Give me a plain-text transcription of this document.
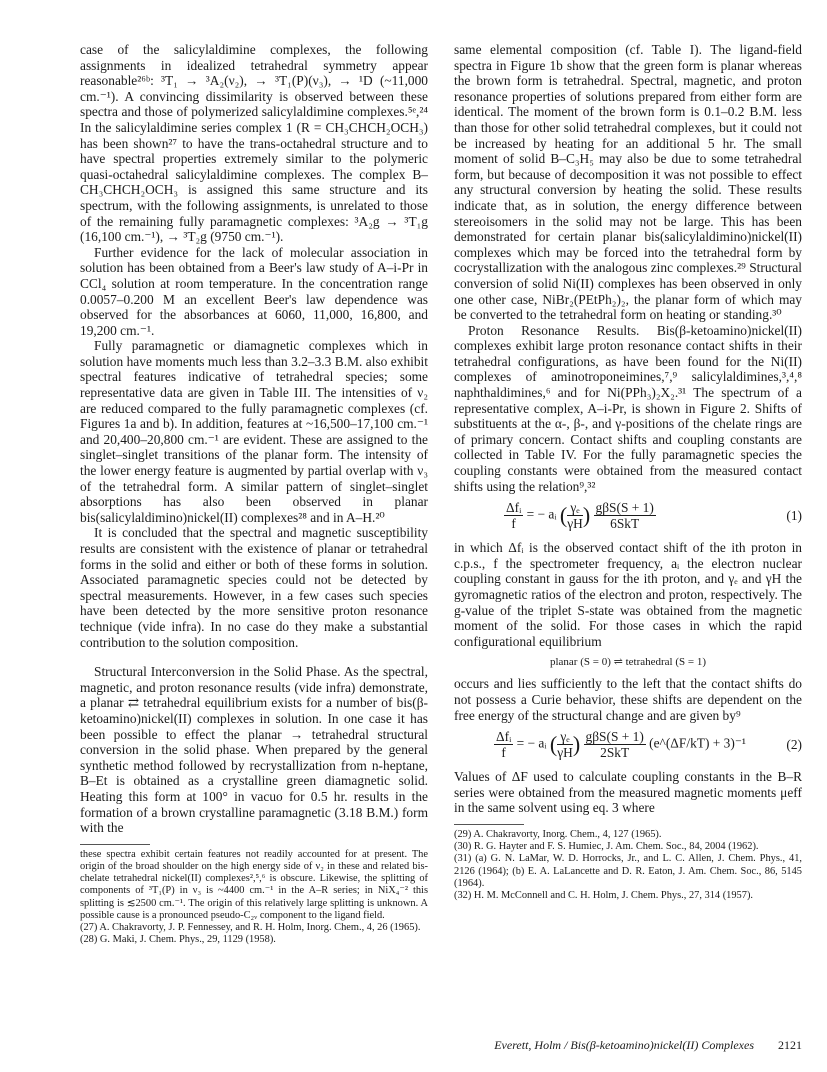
case of the salicylaldimine complexes, the following assignments in idealized tetrahedral symmetry appear reasonable²⁶ᵇ: ³T₁ → ³A₂(ν₂), → ³T₁(P)(ν₃), → ¹D (~11,000 cm.⁻¹). A convincing dissimilarity is observed between these spectra and those of polymerized salicylaldimine complexes.⁵ᵉ,²⁴ In the salicylaldimine series complex 1 (R = CH₃CHCH₂OCH₃) has been shown²⁷ to have the trans-octahedral structure and to have spectral properties extremely similar to the polymeric quasi-octahedral salicylaldimine complexes. The complex B–CH₃CHCH₂OCH₃ is assigned this same structure and its spectrum, with the following assignments, is unrelated to those of the remaining fully paramagnetic complexes: ³A₂g → ³T₁g (16,100 cm.⁻¹), → ³T₂g (9750 cm.⁻¹).

Further evidence for the lack of molecular association in solution has been obtained from a Beer's law study of A–i-Pr in CCl₄ solution at room temperature. In the concentration range 0.0057–0.200 M an excellent Beer's law dependence was observed for the absorbances at 6060, 11,000, 16,800, and 19,200 cm.⁻¹.

Fully paramagnetic or diamagnetic complexes which in solution have moments much less than 3.2–3.3 B.M. also exhibit spectral features indicative of tetrahedral species; some representative data are given in Table III. The intensities of ν₂ are reduced compared to the fully paramagnetic complexes (cf. Figures 1a and b). In addition, features at ~16,500–17,100 cm.⁻¹ and 20,400–20,800 cm.⁻¹ are evident. These are assigned to the singlet–singlet transitions of the planar form. The intensity of the lower energy feature is augmented by partial overlap with ν₃ of the tetrahedral form. A similar pattern of singlet–singlet absorptions has also been observed in planar bis(salicylaldimino)nickel(II) complexes²⁸ and in A–H.²⁰

It is concluded that the spectral and magnetic susceptibility results are consistent with the existence of planar or tetrahedral forms in the solid and either or both of these forms in solution. Associated paramagnetic species could not be detected by spectral measurements. However, in a few cases such species have been detected by the more sensitive proton resonance technique (vide infra). In no case do they make a substantial contribution to the solution composition.

Structural Interconversion in the Solid Phase. As the spectral, magnetic, and proton resonance results (vide infra) demonstrate, a planar ⇄ tetrahedral equilibrium exists for a number of bis(β-ketoamino)nickel(II) complexes in solution. In one case it has been possible to effect the planar → tetrahedral structural conversion in the solid phase. When prepared by the general synthetic method followed by recrystallization from n-heptane, B–Et is obtained as a crystalline green diamagnetic solid. Heating this form at 100° in vacuo for 0.5 hr. results in the formation of a brown crystalline paramagnetic (3.18 B.M.) form with the

these spectra exhibit certain features not readily accounted for at present. The origin of the broad shoulder on the high energy side of ν₂ in these and related bis-chelate tetrahedral nickel(II) complexes²,⁵,⁶ is obscure. Likewise, the splitting of components of ³T₁(P) in ν₃ is ~4400 cm.⁻¹ in the A–R series; in NiX₄⁻² this splitting is ≲2500 cm.⁻¹. The origin of this relatively large splitting is unknown. A possible cause is a pronounced pseudo-C₂ᵥ component to the ligand field.

(27) A. Chakravorty, J. P. Fennessey, and R. H. Holm, Inorg. Chem., 4, 26 (1965).

(28) G. Maki, J. Chem. Phys., 29, 1129 (1958).

same elemental composition (cf. Table I). The ligand-field spectra in Figure 1b show that the green form is planar whereas the brown form is tetrahedral. Spectral, magnetic, and proton resonance properties of solutions prepared from either form are identical. The moment of the brown form is 0.1–0.2 B.M. less than those for other solid tetrahedral complexes, but it could not be increased by heating for an additional 5 hr. The small moment of solid B–C₃H₅ may also be due to some tetrahedral form, but because of decomposition it was not possible to effect any structural conversion by heating the solid. These results indicate that, as in solution, the energy difference between stereoisomers in the solid may not be large. This has been demonstrated for certain planar bis(salicylaldimino)nickel(II) complexes which may be forced into the tetrahedral form by cocrystallization with the analogous zinc complexes.²⁹ Structural conversion of solid Ni(II) complexes has been observed in only one other case, NiBr₂(PEtPh₂)₂, the planar form of which may be converted to the tetrahedral form on heating or standing.³⁰

Proton Resonance Results. Bis(β-ketoamino)nickel(II) complexes exhibit large proton resonance contact shifts in their tetrahedral configurations, as have been found for the Ni(II) complexes of aminotroponeimines,⁷,⁹ salicylaldimines,³,⁴,⁸ naphthaldimines,⁶ and for Ni(PPh₃)₂X₂.³¹ The spectrum of a representative complex, A–i-Pr, is shown in Figure 2. Shifts of substituents at the α-, β-, and γ-positions of the chelate rings are of primary concern. Contact shifts and coupling constants are collected in Table IV. For the fully paramagnetic species the coupling constants were obtained from the measured contact shifts using the relation⁹,³²

$\frac{\text{Δfᵢ}}{f}$ = − aᵢ ( $\frac{\text{γₑ}}{\gamma H}$ ) $\frac{\text{gβS(S + 1)}}{\text{6SkT}}$	(1)

in which Δfᵢ is the observed contact shift of the ith proton in c.p.s., f the spectrometer frequency, aᵢ the electron nuclear coupling constant in gauss for the ith proton, and γₑ and γH the gyromagnetic ratios of the electron and proton, respectively. The g-value of the triplet S-state was obtained from the magnetic moment of the solid. For those cases in which the rapid configurational equilibrium

planar (S = 0) ⇌ tetrahedral (S = 1)

occurs and lies sufficiently to the left that the contact shifts do not possess a Curie behavior, these shifts are dependent on the free energy of the structural change and are given by⁹

$\frac{\text{Δfᵢ}}{f}$ = − aᵢ ( $\frac{\text{γₑ}}{\gamma H}$ ) $\frac{\text{gβS(S + 1)}}{\text{2SkT}}$ (e^(ΔF/kT) + 3)⁻¹	(2)

Values of ΔF used to calculate coupling constants in the B–R series were obtained from the measured magnetic moments μeff in the same solvent using eq. 3 where

(29) A. Chakravorty, Inorg. Chem., 4, 127 (1965).

(30) R. G. Hayter and F. S. Humiec, J. Am. Chem. Soc., 84, 2004 (1962).

(31) (a) G. N. LaMar, W. D. Horrocks, Jr., and L. C. Allen, J. Chem. Phys., 41, 2126 (1964); (b) E. A. LaLancette and D. R. Eaton, J. Am. Chem. Soc., 86, 5145 (1964).

(32) H. M. McConnell and C. H. Holm, J. Chem. Phys., 27, 314 (1957).

Everett, Holm / Bis(β-ketoamino)nickel(II) Complexes 2121
